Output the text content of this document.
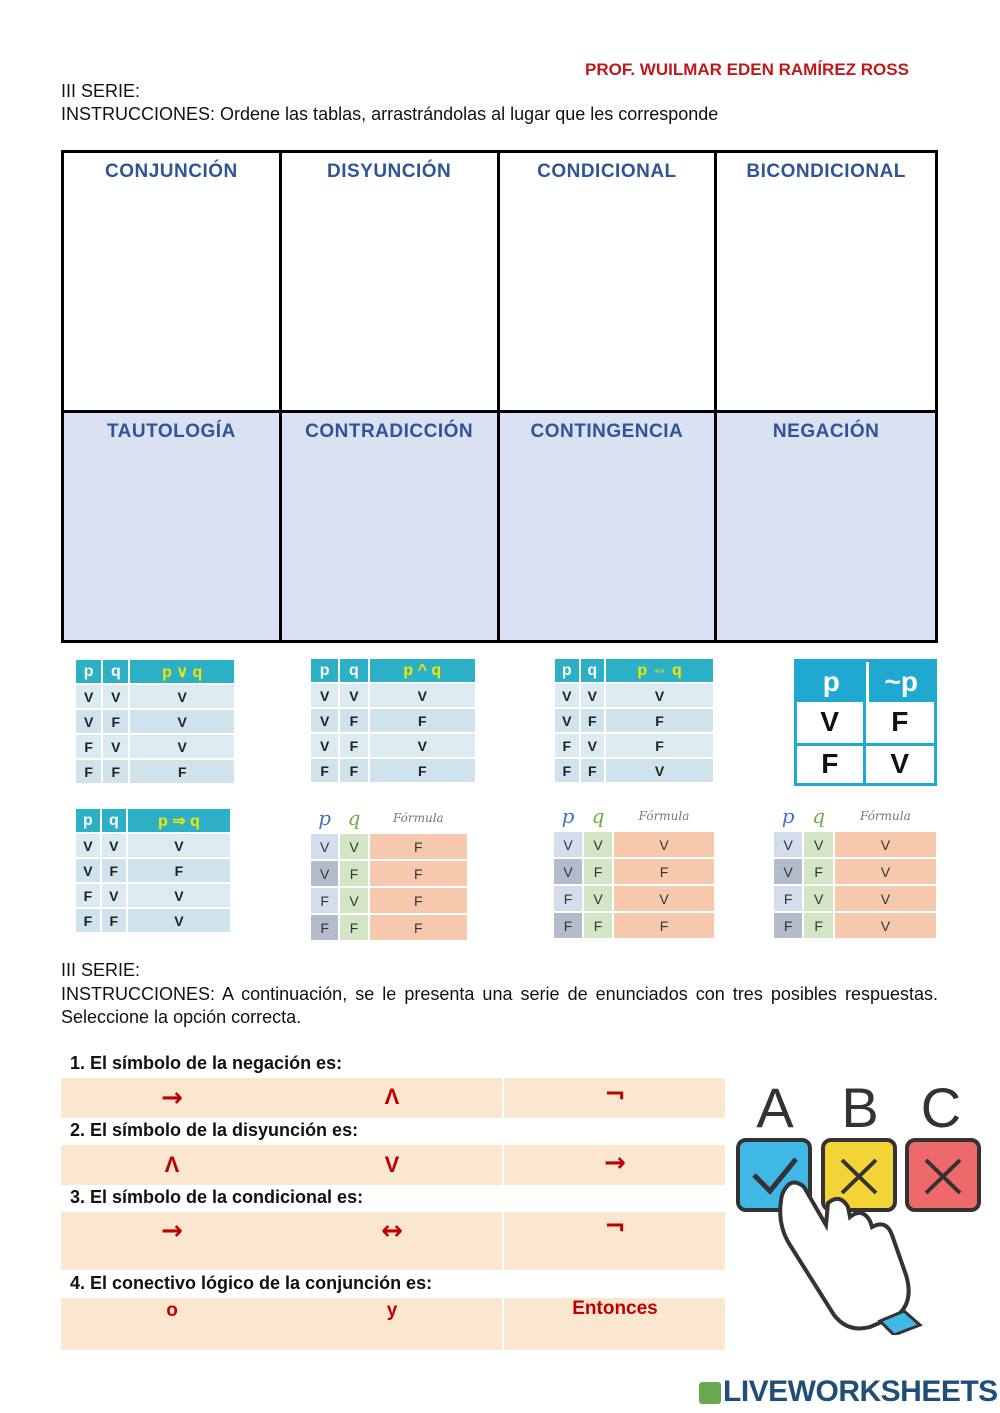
PROF. WUILMAR EDEN RAMÍREZ ROSS
III SERIE:
INSTRUCCIONES: Ordene las tablas, arrastrándolas al lugar que les corresponde
CONJUNCIÓN	DISYUNCIÓN	CONDICIONAL	BICONDICIONAL
TAUTOLOGÍA	CONTRADICCIÓN	CONTINGENCIA	NEGACIÓN
p	q	p ∨ q
V	V	V
V	F	V
F	V	V
F	F	F
p	q	p ^ q
V	V	V
V	F	F
V	F	V
F	F	F
p	q	p ⇔ q
V	V	V
V	F	F
F	V	F
F	F	V
p	~p
V	F
F	V
p	q	p ⇒ q
V	V	V
V	F	F
F	V	V
F	F	V
p	q	Fórmula
V	V	F
V	F	F
F	V	F
F	F	F
p	q	Fórmula
V	V	V
V	F	F
F	V	V
F	F	F
p	q	Fórmula
V	V	V
V	F	V
F	V	V
F	F	V
III SERIE:
INSTRUCCIONES: A continuación, se le presenta una serie de enunciados con tres posibles respuestas. Seleccione la opción correcta.
1. El símbolo de la negación es:
→	Λ	¬
2. El símbolo de la disyunción es:
Λ	V	→
3. El símbolo de la condicional es:
→	↔	¬
4. El conectivo lógico de la conjunción es:
o	y	Entonces
A B C
LIVEWORKSHEETS
